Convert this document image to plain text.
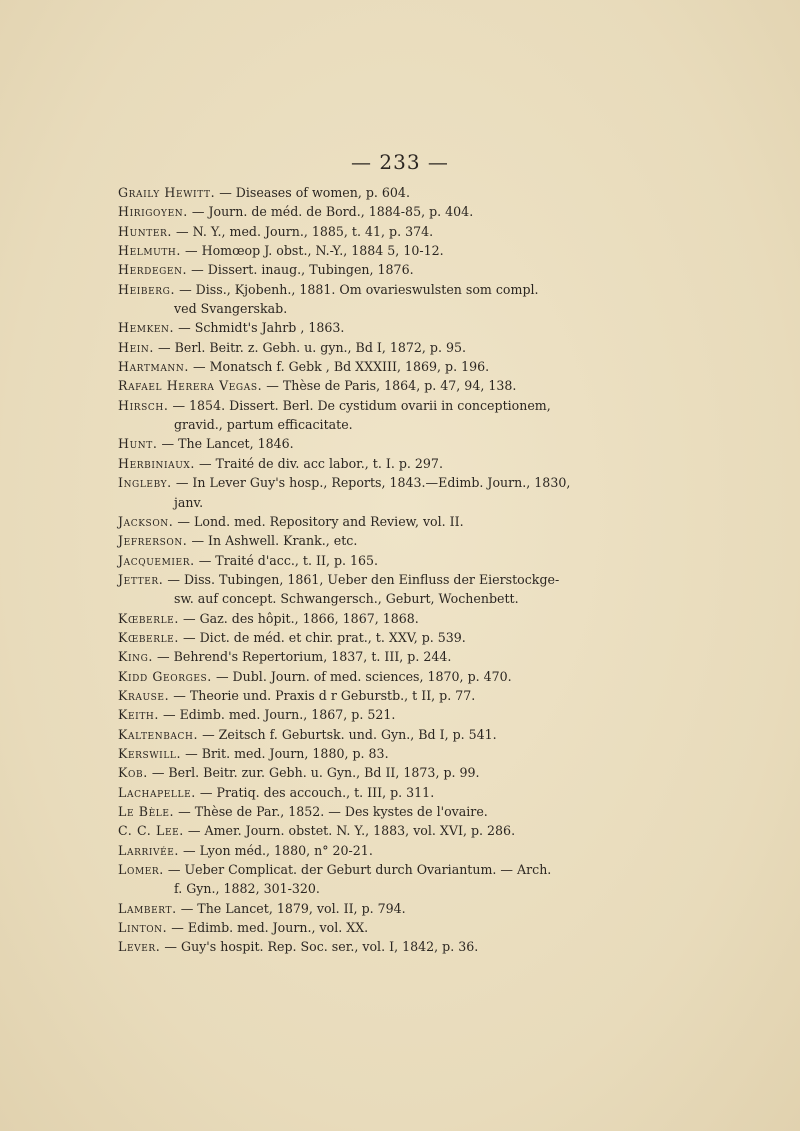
— 233 —

Graily Hewitt. — Diseases of women, p. 604.

Hirigoyen. — Journ. de méd. de Bord., 1884-85, p. 404.

Hunter. — N. Y., med. Journ., 1885, t. 41, p. 374.

Helmuth. — Homœop J. obst., N.-Y., 1884 5, 10-12.

Herdegen. — Dissert. inaug., Tubingen, 1876.

Heiberg. — Diss., Kjobenh., 1881. Om ovarieswulsten som compl.
ved Svangerskab.

Hemken. — Schmidt's Jahrb , 1863.

Hein. — Berl. Beitr. z. Gebh. u. gyn., Bd I, 1872, p. 95.

Hartmann. — Monatsch f. Gebk , Bd XXXIII, 1869, p. 196.

Rafael Herera Vegas. — Thèse de Paris, 1864, p. 47, 94, 138.

Hirsch. — 1854. Dissert. Berl. De cystidum ovarii in conceptionem,
gravid., partum efficacitate.

Hunt. — The Lancet, 1846.

Herbiniaux. — Traité de div. acc labor., t. I. p. 297.

Ingleby. — In Lever Guy's hosp., Reports, 1843.—Edimb. Journ., 1830,
janv.

Jackson. — Lond. med. Repository and Review, vol. II.

Jefrerson. — In Ashwell. Krank., etc.

Jacquemier. — Traité d'acc., t. II, p. 165.

Jetter. — Diss. Tubingen, 1861, Ueber den Einfluss der Eierstockge-
sw. auf concept. Schwangersch., Geburt, Wochenbett.

Kœberle. — Gaz. des hôpit., 1866, 1867, 1868.

Kœberle. — Dict. de méd. et chir. prat., t. XXV, p. 539.

King. — Behrend's Repertorium, 1837, t. III, p. 244.

Kidd Georges. — Dubl. Journ. of med. sciences, 1870, p. 470.

Krause. — Theorie und. Praxis d r Geburstb., t II, p. 77.

Keith. — Edimb. med. Journ., 1867, p. 521.

Kaltenbach. — Zeitsch f. Geburtsk. und. Gyn., Bd I, p. 541.

Kerswill. — Brit. med. Journ, 1880, p. 83.

Kob. — Berl. Beitr. zur. Gebh. u. Gyn., Bd II, 1873, p. 99.

Lachapelle. — Pratiq. des accouch., t. III, p. 311.

Le Bèle. — Thèse de Par., 1852. — Des kystes de l'ovaire.

C. C. Lee. — Amer. Journ. obstet. N. Y., 1883, vol. XVI, p. 286.

Larrivée. — Lyon méd., 1880, n° 20-21.

Lomer. — Ueber Complicat. der Geburt durch Ovariantum. — Arch.
f. Gyn., 1882, 301-320.

Lambert. — The Lancet, 1879, vol. II, p. 794.

Linton. — Edimb. med. Journ., vol. XX.

Lever. — Guy's hospit. Rep. Soc. ser., vol. I, 1842, p. 36.
